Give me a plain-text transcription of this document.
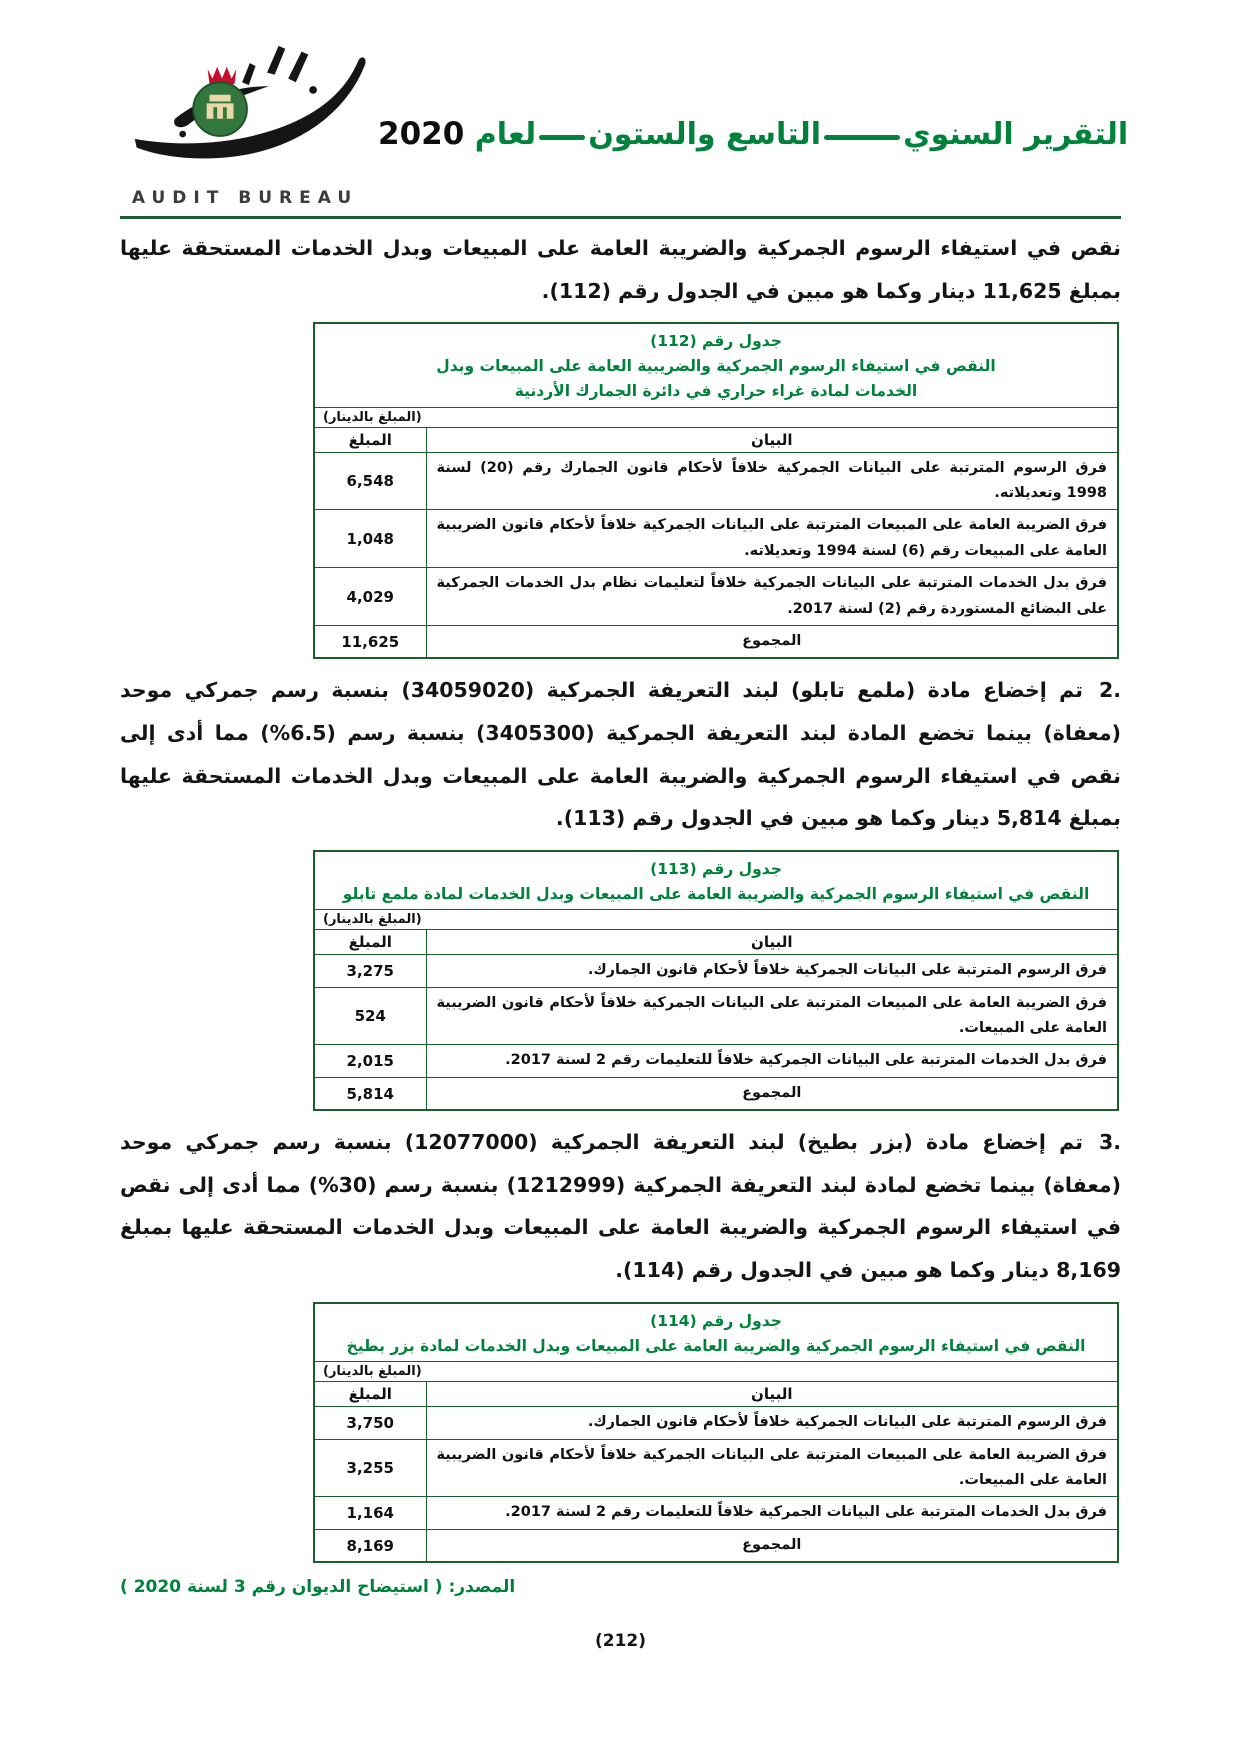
AUDIT BUREAU
التقرير السنويالتاسع والستونلعام 2020

نقص في استيفاء الرسوم الجمركية والضريبة العامة على المبيعات وبدل الخدمات المستحقة عليها بمبلغ 11,625 دينار وكما هو مبين في الجدول رقم (112).

جدول رقم (112)
النقص في استيفاء الرسوم الجمركية والضريبية العامة على المبيعات وبدل
الخدمات لمادة غراء حراري في دائرة الجمارك الأردنية	

(المبلغ بالدينار)	
البيان	المبلغ
فرق الرسوم المترتبة على البيانات الجمركية خلافاً لأحكام قانون الجمارك رقم (20) لسنة 1998 وتعديلاته.	6,548
فرق الضريبة العامة على المبيعات المترتبة على البيانات الجمركية خلافاً لأحكام قانون الضريبية العامة على المبيعات رقم (6) لسنة 1994 وتعديلاته.	1,048
فرق بدل الخدمات المترتبة على البيانات الجمركية خلافاً لتعليمات نظام بدل الخدمات الجمركية على البضائع المستوردة رقم (2) لسنة 2017.	4,029
المجموع	11,625

2.تم إخضاع مادة (ملمع تابلو) لبند التعريفة الجمركية (34059020) بنسبة رسم جمركي موحد (معفاة) بينما تخضع المادة لبند التعريفة الجمركية (3405300) بنسبة رسم (6.5%) مما أدى إلى نقص في استيفاء الرسوم الجمركية والضريبة العامة على المبيعات وبدل الخدمات المستحقة عليها بمبلغ 5,814 دينار وكما هو مبين في الجدول رقم (113).

جدول رقم (113)
النقص في استيفاء الرسوم الجمركية والضريبة العامة على المبيعات وبدل الخدمات لمادة ملمع تابلو	

(المبلغ بالدينار)	
البيان	المبلغ
فرق الرسوم المترتبة على البيانات الجمركية خلافاً لأحكام قانون الجمارك.	3,275
فرق الضريبة العامة على المبيعات المترتبة على البيانات الجمركية خلافاً لأحكام قانون الضريبية العامة على المبيعات.	524
فرق بدل الخدمات المترتبة على البيانات الجمركية خلافاً للتعليمات رقم 2 لسنة 2017.	2,015
المجموع	5,814

3.تم إخضاع مادة (بزر بطيخ) لبند التعريفة الجمركية (12077000) بنسبة رسم جمركي موحد (معفاة) بينما تخضع لمادة لبند التعريفة الجمركية (1212999) بنسبة رسم (30%) مما أدى إلى نقص في استيفاء الرسوم الجمركية والضريبة العامة على المبيعات وبدل الخدمات المستحقة عليها بمبلغ 8,169 دينار وكما هو مبين في الجدول رقم (114).

جدول رقم (114)
النقص في استيفاء الرسوم الجمركية والضريبة العامة على المبيعات وبدل الخدمات لمادة بزر بطيخ	

(المبلغ بالدينار)	
البيان	المبلغ
فرق الرسوم المترتبة على البيانات الجمركية خلافاً لأحكام قانون الجمارك.	3,750
فرق الضريبة العامة على المبيعات المترتبة على البيانات الجمركية خلافاً لأحكام قانون الضريبية العامة على المبيعات.	3,255
فرق بدل الخدمات المترتبة على البيانات الجمركية خلافاً للتعليمات رقم 2 لسنة 2017.	1,164
المجموع	8,169
المصدر: ( استيضاح الديوان رقم 3 لسنة 2020 )
(212)
